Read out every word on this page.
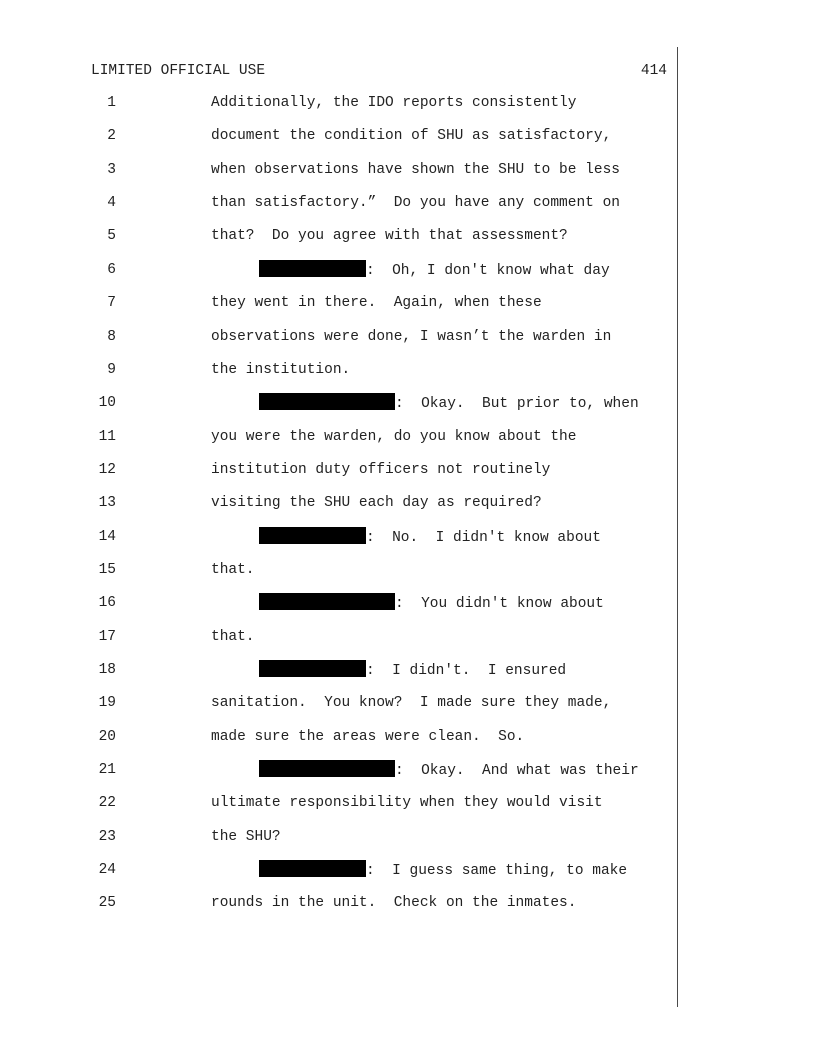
LIMITED OFFICIAL USE	414
1	Additionally, the IDO reports consistently
2	document the condition of SHU as satisfactory,
3	when observations have shown the SHU to be less
4	than satisfactory.”  Do you have any comment on
5	that?  Do you agree with that assessment?
6	:  Oh, I don't know what day
7	they went in there.  Again, when these
8	observations were done, I wasn’t the warden in
9	the institution.
10	:  Okay.  But prior to, when
11	you were the warden, do you know about the
12	institution duty officers not routinely
13	visiting the SHU each day as required?
14	:  No.  I didn't know about
15	that.
16	:  You didn't know about
17	that.
18	:  I didn't.  I ensured
19	sanitation.  You know?  I made sure they made,
20	made sure the areas were clean.  So.
21	:  Okay.  And what was their
22	ultimate responsibility when they would visit
23	the SHU?
24	:  I guess same thing, to make
25	rounds in the unit.  Check on the inmates.
